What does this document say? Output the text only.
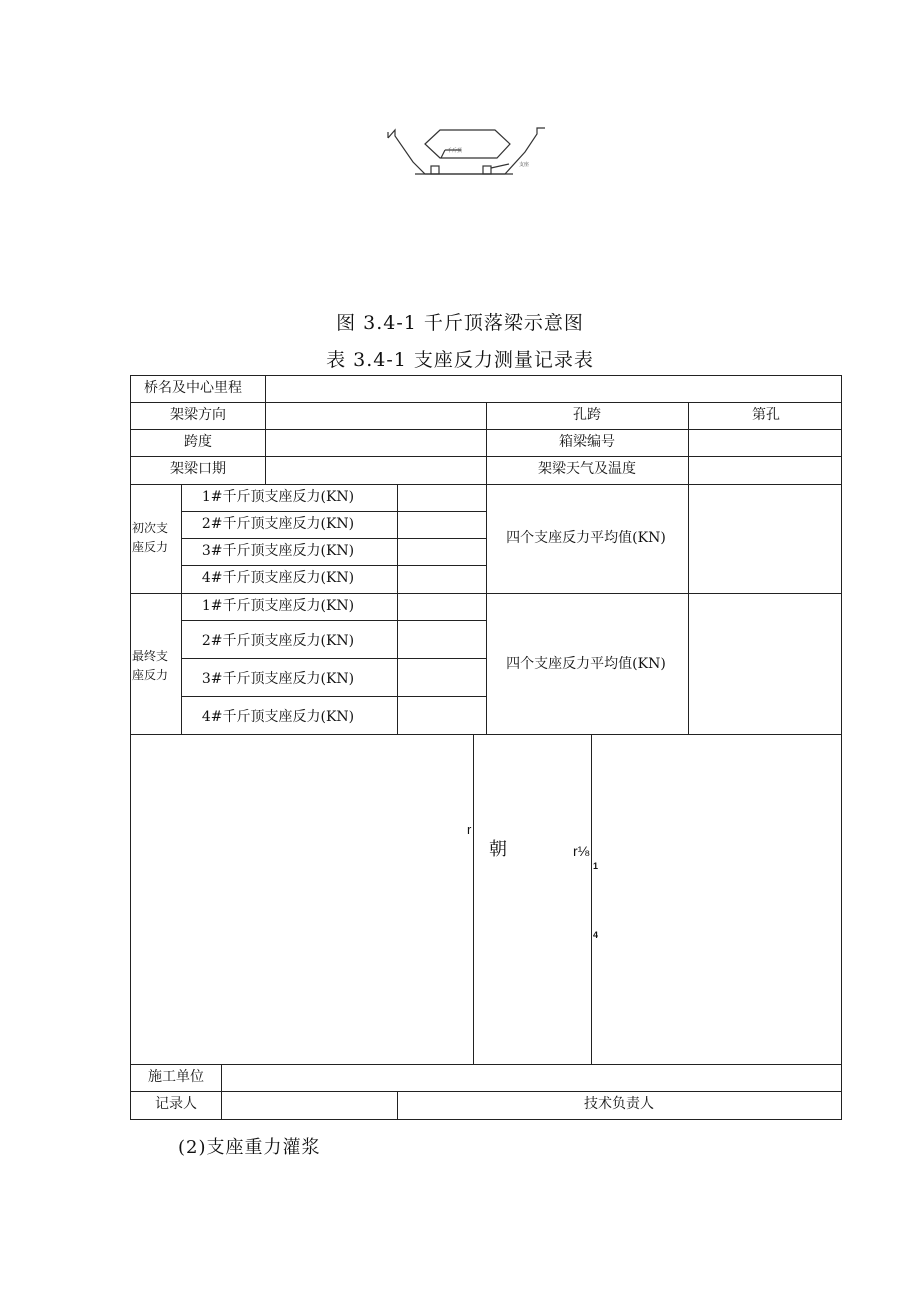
千斤顶
支座
图 3.4-1 千斤顶落梁示意图
表 3.4-1 支座反力测量记录表
桥名及中心里程
架梁方向	孔跨	第孔
跨度	箱梁编号
架梁口期	架梁天气及温度
初次支
座反力
1#千斤顶支座反力(KN)
2#千斤顶支座反力(KN)
3#千斤顶支座反力(KN)
4#千斤顶支座反力(KN)
四个支座反力平均值(KN)
最终支
座反力
1#千斤顶支座反力(KN)
2#千斤顶支座反力(KN)
3#千斤顶支座反力(KN)
4#千斤顶支座反力(KN)
四个支座反力平均值(KN)
r
朝	r⅛
1
4
施工单位
记录人	技术负责人
(2)支座重力灌浆
